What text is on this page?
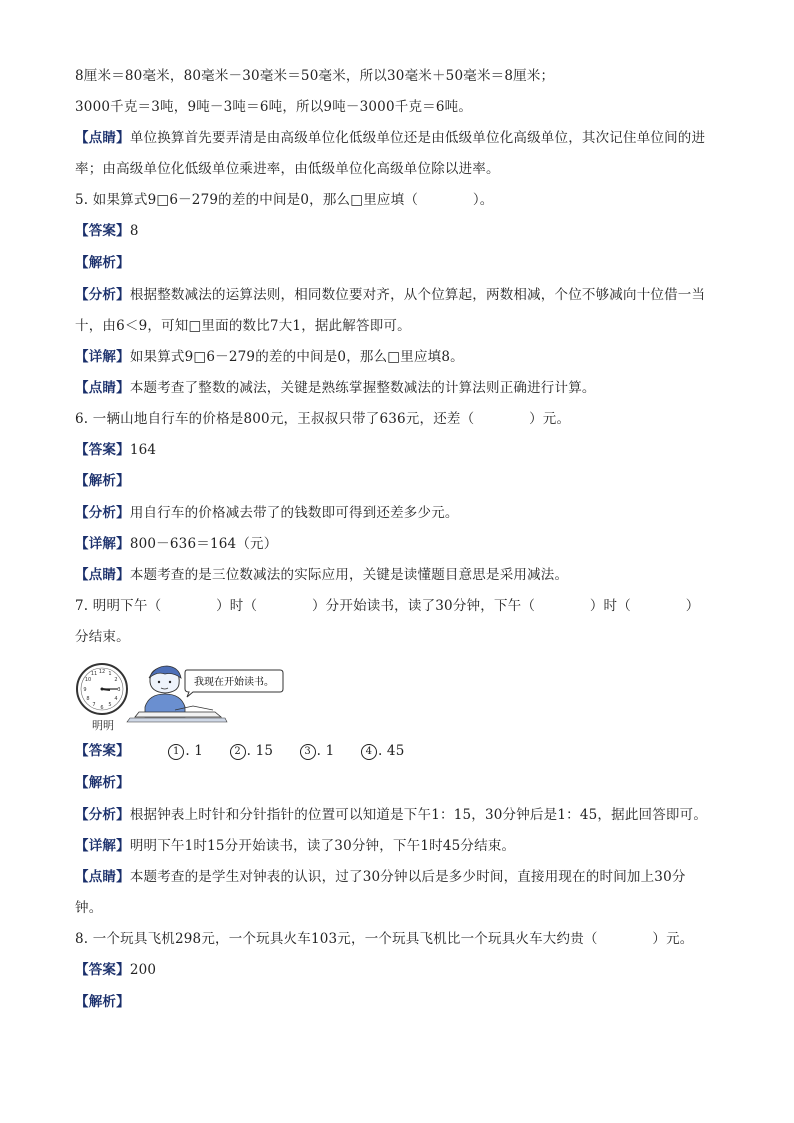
8厘米＝80毫米，80毫米－30毫米＝50毫米，所以30毫米＋50毫米＝8厘米；
3000千克＝3吨，9吨－3吨＝6吨，所以9吨－3000千克＝6吨。
【点睛】单位换算首先要弄清是由高级单位化低级单位还是由低级单位化高级单位，其次记住单位间的进
率；由高级单位化低级单位乘进率，由低级单位化高级单位除以进率。
5. 如果算式9□6－279的差的中间是0，那么□里应填（　　　　）。
【答案】8
【解析】
【分析】根据整数减法的运算法则，相同数位要对齐，从个位算起，两数相减，个位不够减向十位借一当
十，由6＜9，可知□里面的数比7大1，据此解答即可。
【详解】如果算式9□6－279的差的中间是0，那么□里应填8。
【点睛】本题考查了整数的减法，关键是熟练掌握整数减法的计算法则正确进行计算。
6. 一辆山地自行车的价格是800元，王叔叔只带了636元，还差（　　　　）元。
【答案】164
【解析】
【分析】用自行车的价格减去带了的钱数即可得到还差多少元。
【详解】800－636＝164（元）
【点睛】本题考查的是三位数减法的实际应用，关键是读懂题目意思是采用减法。
7. 明明下午（　　　　）时（　　　　）分开始读书，读了30分钟，下午（　　　　）时（　　　　）
分结束。
12 1
2
3
4
5
6
7
8
9
10
11
我现在开始读书。
明明
【答案】	1 . 1	2 . 15	3 . 1	4 . 45
【解析】
【分析】根据钟表上时针和分针指针的位置可以知道是下午1：15，30分钟后是1：45，据此回答即可。
【详解】明明下午1时15分开始读书，读了30分钟，下午1时45分结束。
【点睛】本题考查的是学生对钟表的认识，过了30分钟以后是多少时间，直接用现在的时间加上30分
钟。
8. 一个玩具飞机298元，一个玩具火车103元，一个玩具飞机比一个玩具火车大约贵（　　　　）元。
【答案】200
【解析】
